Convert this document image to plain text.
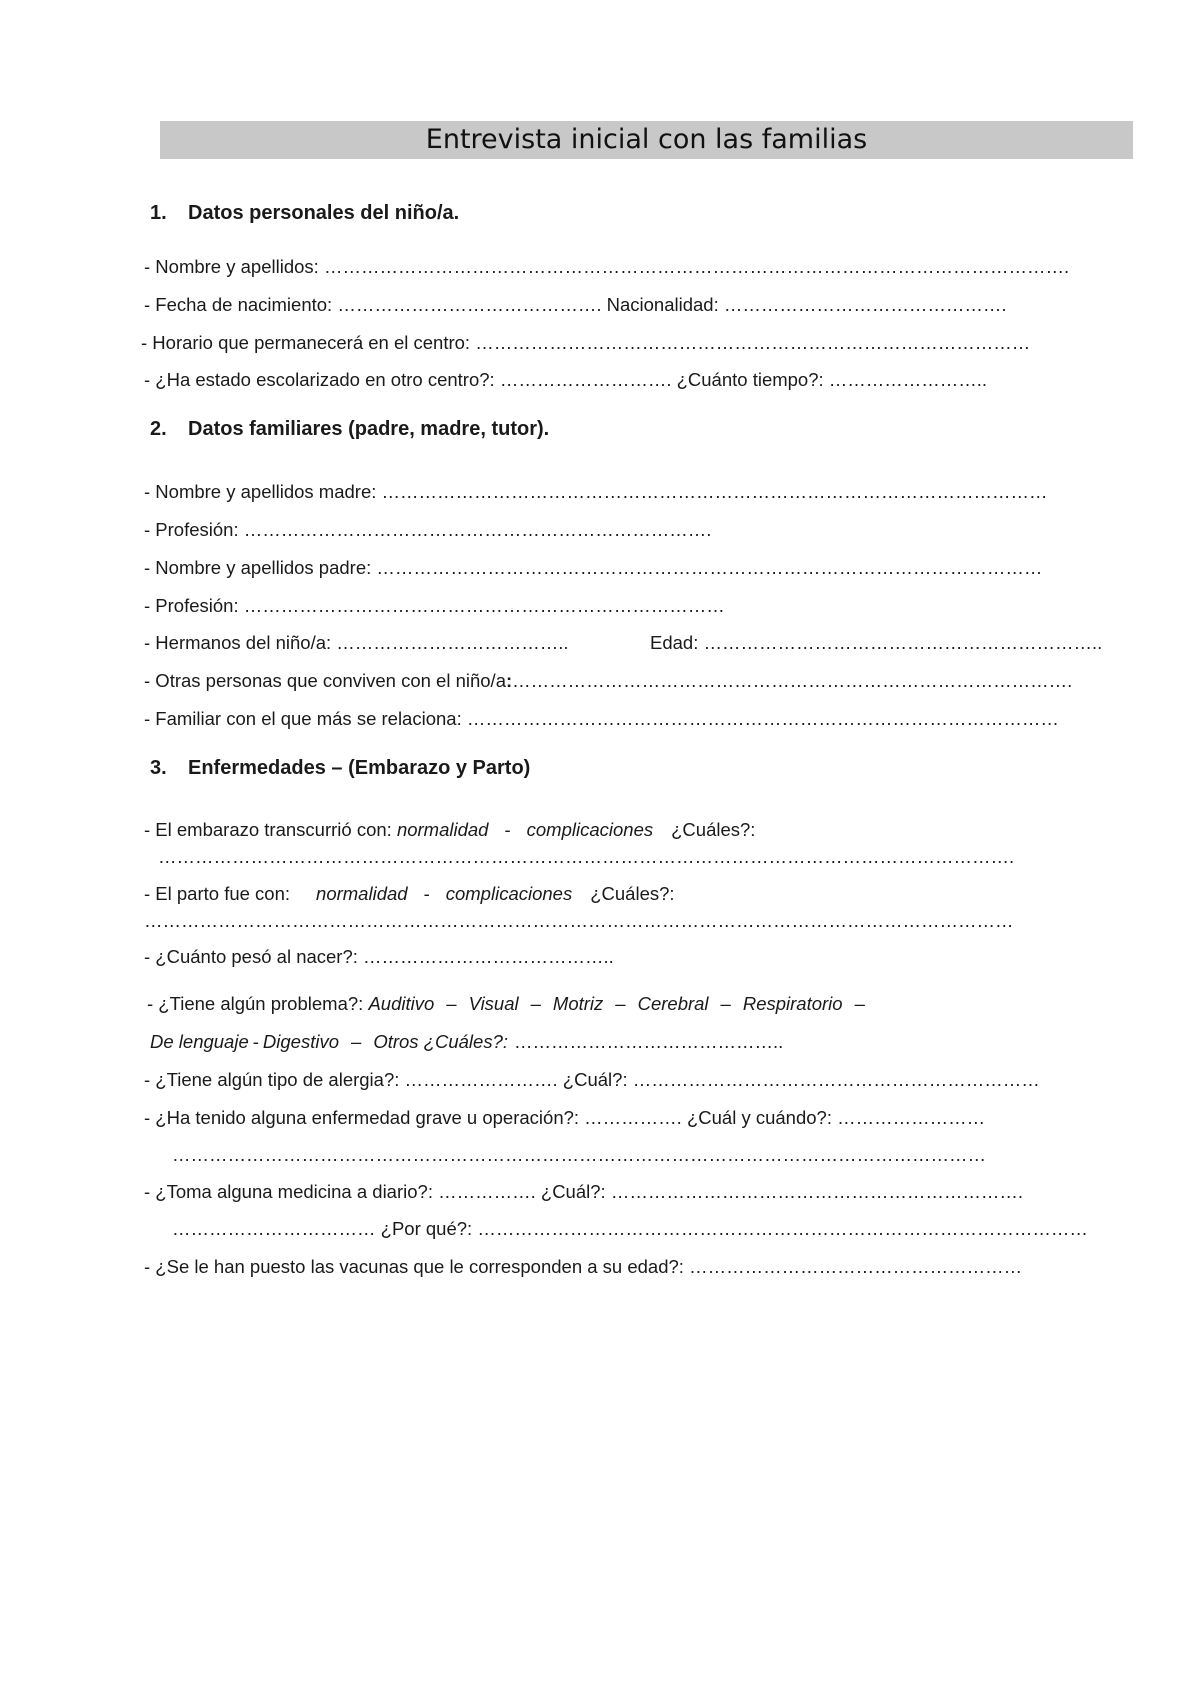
Entrevista inicial con las familias
1. Datos personales del niño/a.
- Nombre y apellidos: ………………………………………………………………………………………………………….
- Fecha de nacimiento: ……………………………………. Nacionalidad: ……………………………………….
- Horario que permanecerá en el centro: ………………………………………………………………………………
- ¿Ha estado escolarizado en otro centro?: ………………………. ¿Cuánto tiempo?: ……………………..
2. Datos familiares (padre, madre, tutor).
- Nombre y apellidos madre: ………………………………………………………………………………………………
- Profesión: ………………………………………………………………….
- Nombre y apellidos padre: ………………………………………………………………………………………………
- Profesión: ……………………………………………………………………
- Hermanos del niño/a: ………………………………..	Edad: ………………………………………………………..
- Otras personas que conviven con el niño/a:……………………………………………………………………………….
- Familiar con el que más se relaciona: ……………………………………………………………………………………
3. Enfermedades – (Embarazo y Parto)
- El embarazo transcurrió con: normalidad - complicaciones ¿Cuáles?:
………………………………………………………………………………………………………………………….
- El parto fue con: normalidad - complicaciones ¿Cuáles?:
……………………………………………………………………………………………………………………………
- ¿Cuánto pesó al nacer?: …………………………………..
- ¿Tiene algún problema?: Auditivo – Visual – Motriz – Cerebral – Respiratorio –
De lenguaje - Digestivo – Otros ¿Cuáles?: ……………………………………..
- ¿Tiene algún tipo de alergia?: ……………………. ¿Cuál?: …………………………………………………………
- ¿Ha tenido alguna enfermedad grave u operación?: ……………. ¿Cuál y cuándo?: ……………………
……………………………………………………………………………………………………………………
- ¿Toma alguna medicina a diario?: ……………. ¿Cuál?: ………………………………………………………….
…………………………… ¿Por qué?: ………………………………………………………………………………………
- ¿Se le han puesto las vacunas que le corresponden a su edad?: ………………………………………………
